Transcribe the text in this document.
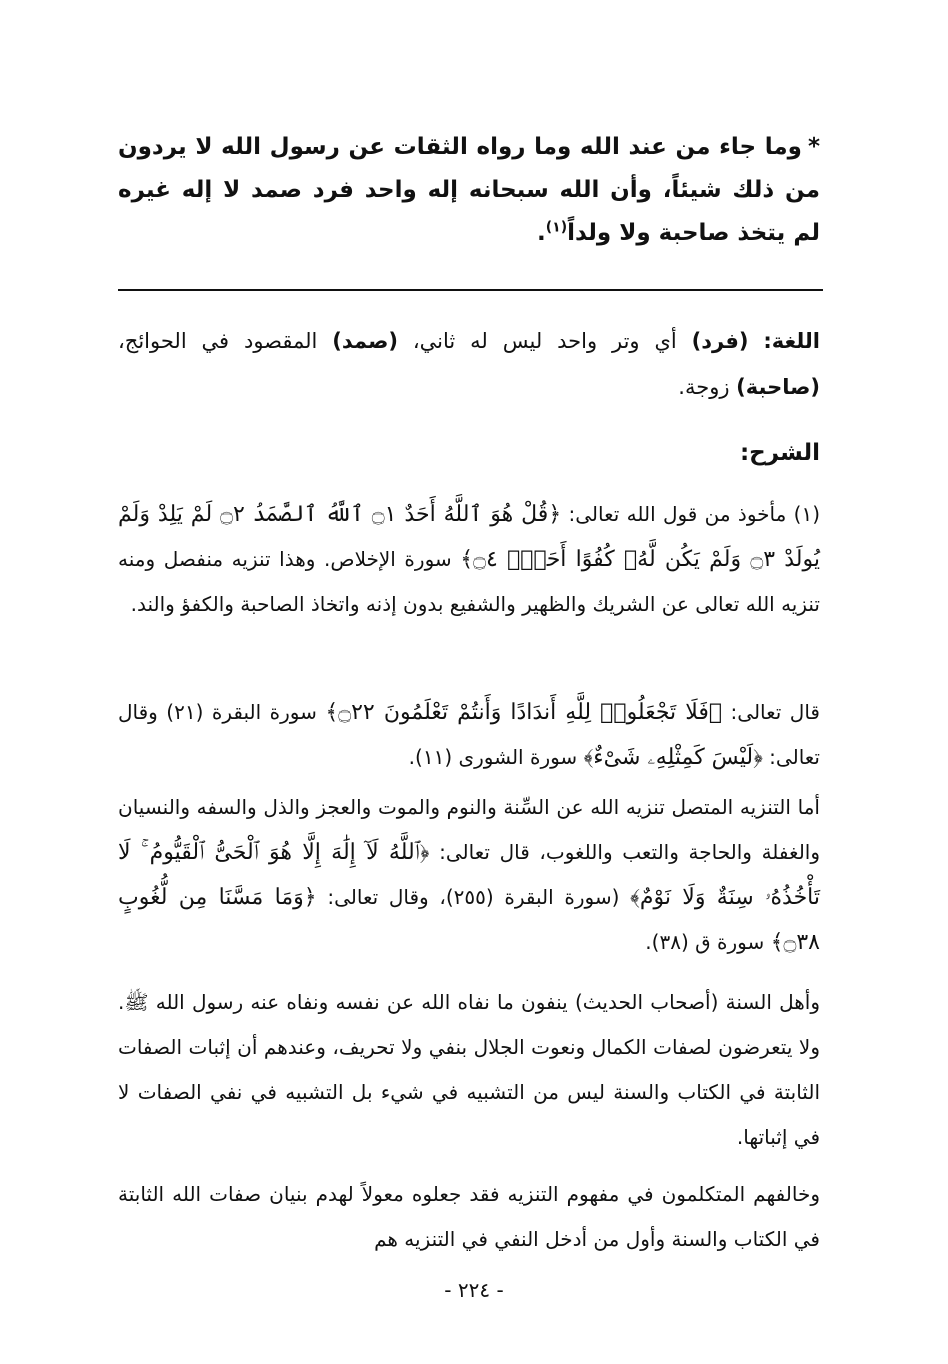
*وما جاء من عند الله وما رواه الثقات عن رسول الله لا يردون من ذلك شيئاً، وأن الله سبحانه إله واحد فرد صمد لا إله غيره لم يتخذ صاحبة ولا ولداً$^{(١)}$.

اللغة: (فرد) أي وتر واحد ليس له ثاني، (صمد) المقصود في الحوائج، (صاحبة) زوجة.

الشرح:

(١) مأخوذ من قول الله تعالى: ﴿قُلْ هُوَ ٱللَّهُ أَحَدٌ ۝١ ٱللَّهُ ٱلصَّمَدُ ۝٢ لَمْ يَلِدْ وَلَمْ يُولَدْ ۝٣ وَلَمْ يَكُن لَّهُۥ كُفُوًا أَحَدٌۢ ۝٤﴾ سورة الإخلاص. وهذا تنزيه منفصل ومنه تنزيه الله تعالى عن الشريك والظهير والشفيع بدون إذنه واتخاذ الصاحبة والكفؤ والند.

قال تعالى: ﴿فَلَا تَجْعَلُوا۟ لِلَّهِ أَندَادًا وَأَنتُمْ تَعْلَمُونَ ۝٢٢﴾ سورة البقرة (٢١) وقال تعالى: ﴿لَيْسَ كَمِثْلِهِۦ شَىْءٌ﴾ سورة الشورى (١١).

أما التنزيه المتصل تنزيه الله عن السِّنة والنوم والموت والعجز والذل والسفه والنسيان والغفلة والحاجة والتعب واللغوب، قال تعالى: ﴿ٱللَّهُ لَآ إِلَٰهَ إِلَّا هُوَ ٱلْحَىُّ ٱلْقَيُّومُ ۚ لَا تَأْخُذُهُۥ سِنَةٌ وَلَا نَوْمٌ﴾ (سورة البقرة (٢٥٥)، وقال تعالى: ﴿وَمَا مَسَّنَا مِن لُّغُوبٍ ۝٣٨﴾ سورة ق (٣٨).

وأهل السنة (أصحاب الحديث) ينفون ما نفاه الله عن نفسه ونفاه عنه رسول الله ﷺ. ولا يتعرضون لصفات الكمال ونعوت الجلال بنفي ولا تحريف، وعندهم أن إثبات الصفات الثابتة في الكتاب والسنة ليس من التشبيه في شيء بل التشبيه في نفي الصفات لا في إثباتها.

وخالفهم المتكلمون في مفهوم التنزيه فقد جعلوه معولاً لهدم بنيان صفات الله الثابتة في الكتاب والسنة وأول من أدخل النفي في التنزيه هم

- ٢٢٤ -
